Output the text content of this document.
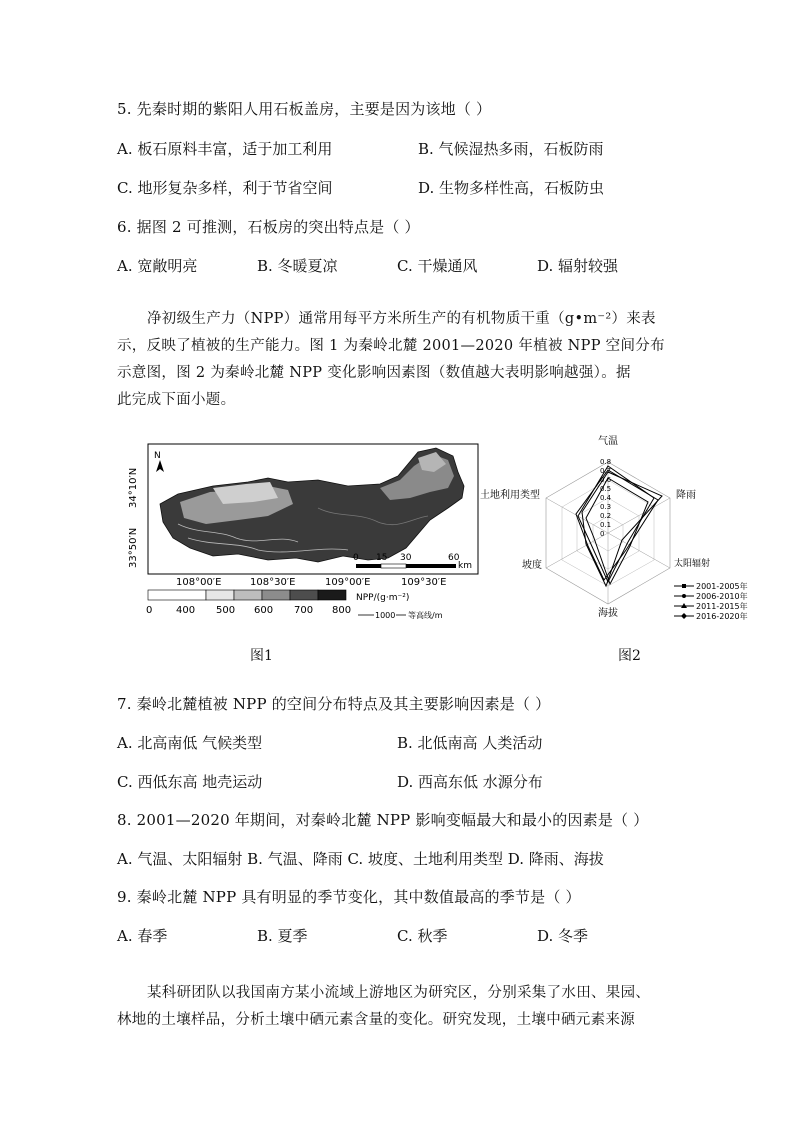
5. 先秦时期的紫阳人用石板盖房，主要是因为该地（ ）
A. 板石原料丰富，适于加工利用	B. 气候湿热多雨，石板防雨
C. 地形复杂多样，利于节省空间	D. 生物多样性高，石板防虫
6. 据图 2 可推测，石板房的突出特点是（ ）
A. 宽敞明亮	B. 冬暖夏凉	C. 干燥通风	D. 辐射较强
净初级生产力（NPP）通常用每平方米所生产的有机物质干重（g•m⁻²）来表
示，反映了植被的生产能力。图 1 为秦岭北麓 2001—2020 年植被 NPP 空间分布
示意图，图 2 为秦岭北麓 NPP 变化影响因素图（数值越大表明影响越强）。据
此完成下面小题。
N
0 15 30	60
km
34°10′N
33°50′N
108°00′E	108°30′E	109°00′E	109°30′E
0 400 500 600 700 800
NPP/(g·m⁻²)
1000 等高线/m
0.8
0.7
0.6
0.5
0.4
0.3
0.2
0.1
0
气温
降雨
太阳辐射
海拔
坡度
土地利用类型
2001-2005年
2006-2010年
2011-2015年
2016-2020年
图1	图2
7. 秦岭北麓植被 NPP 的空间分布特点及其主要影响因素是（ ）
A. 北高南低 气候类型	B. 北低南高 人类活动
C. 西低东高 地壳运动	D. 西高东低 水源分布
8. 2001—2020 年期间，对秦岭北麓 NPP 影响变幅最大和最小的因素是（ ）
A. 气温、太阳辐射 B. 气温、降雨 C. 坡度、土地利用类型 D. 降雨、海拔
9. 秦岭北麓 NPP 具有明显的季节变化，其中数值最高的季节是（ ）
A. 春季	B. 夏季	C. 秋季	D. 冬季
某科研团队以我国南方某小流域上游地区为研究区，分别采集了水田、果园、
林地的土壤样品，分析土壤中硒元素含量的变化。研究发现，土壤中硒元素来源
